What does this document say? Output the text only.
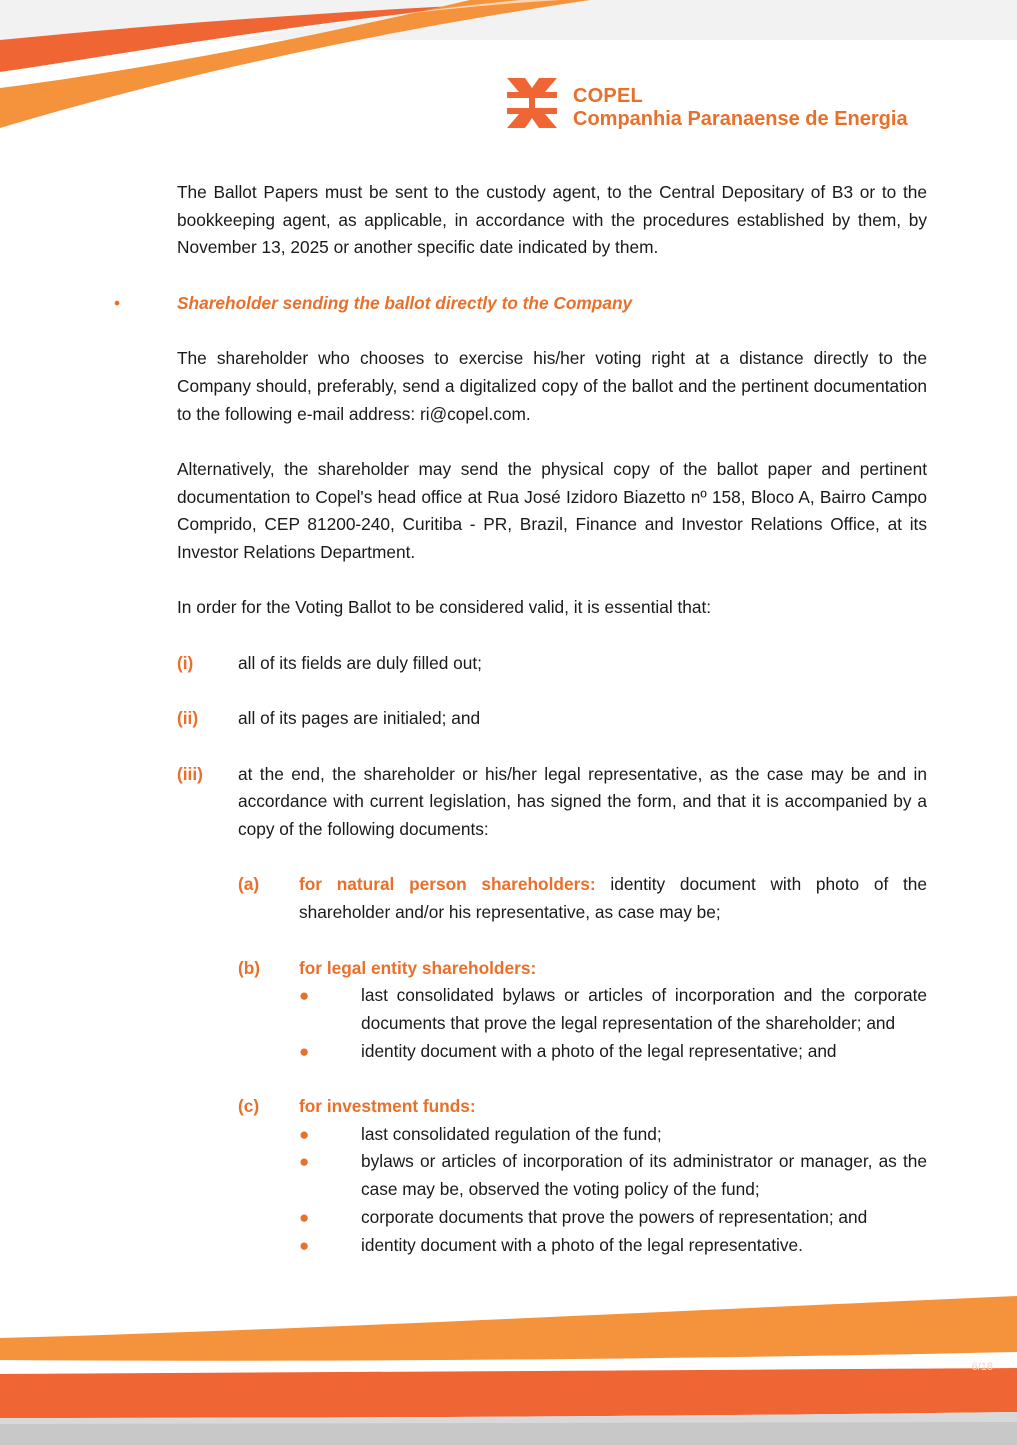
COPEL
Companhia Paranaense de Energia

The Ballot Papers must be sent to the custody agent, to the Central Depositary of B3 or to the bookkeeping agent, as applicable, in accordance with the procedures established by them, by November 13, 2025 or another specific date indicated by them.

•	Shareholder sending the ballot directly to the Company

The shareholder who chooses to exercise his/her voting right at a distance directly to the Company should, preferably, send a digitalized copy of the ballot and the pertinent documentation to the following e-mail address: ri@copel.com.

Alternatively, the shareholder may send the physical copy of the ballot paper and pertinent documentation to Copel's head office at Rua José Izidoro Biazetto nº 158, Bloco A, Bairro Campo Comprido, CEP 81200-240, Curitiba - PR, Brazil, Finance and Investor Relations Office, at its Investor Relations Department.

In order for the Voting Ballot to be considered valid, it is essential that:

(i)	all of its fields are duly filled out;
(ii) all of its pages are initialed; and
(iii) at the end, the shareholder or his/her legal representative, as the case may be and in accordance with current legislation, has signed the form, and that it is accompanied by a copy of the following documents:
(a) for natural person shareholders: identity document with photo of the shareholder and/or his representative, as case may be;
(b) for legal entity shareholders:
●	last consolidated bylaws or articles of incorporation and the corporate documents that prove the legal representation of the shareholder; and
●	identity document with a photo of the legal representative; and
(c) for investment funds:
●	last consolidated regulation of the fund;
●	bylaws or articles of incorporation of its administrator or manager, as the case may be, observed the voting policy of the fund;
●	corporate documents that prove the powers of representation; and
●	identity document with a photo of the legal representative.
6/18
